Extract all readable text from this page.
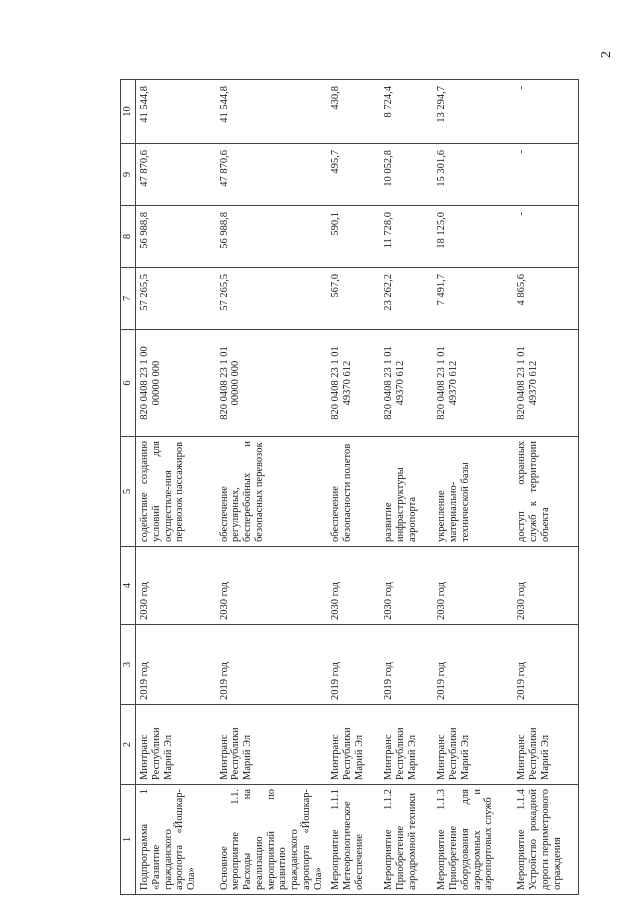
2
1	2	3	4	5	6	7	8	9	10
Подпрограмма 1 «Развитие гражданского аэропорта «Йошкар-Ола»	Минтранс Республики Марий Эл	2019 год	2030 год	содействие созданию условий для осуществле-ния перевозок пассажиров	820 0408 23 1 00 00000 000	57 265,5	56 988,8	47 870,6	41 544,8
Основное мероприятие 1.1. Расходы на реализацию мероприятий по развитию гражданского аэропорта «Йошкар-Ола»	Минтранс Республики Марий Эл	2019 год	2030 год	обеспечение регулярных, бесперебойных и безопасных перевозок	820 0408 23 1 01 00000 000	57 265,5	56 988,8	47 870,6	41 544,8
Мероприятие 1.1.1 Метеорологическое обеспечение	Минтранс Республики Марий Эл	2019 год	2030 год	обеспечение безопасности полетов	820 0408 23 1 01 49370 612	567,0	590,1	495,7	430,8
Мероприятие 1.1.2 Приобретение аэродромной техники	Минтранс Республики Марий Эл	2019 год	2030 год	развитие инфраструктуры аэропорта	820 0408 23 1 01 49370 612	23 262,2	11 728,0	10 052,8	8 724,4
Мероприятие 1.1.3 Приобретение оборудования для аэродромных и аэропортовых служб	Минтранс Республики Марий Эл	2019 год	2030 год	укрепление материально-технической базы	820 0408 23 1 01 49370 612	7 491,7	18 125,0	15 301,6	13 294,7
Мероприятие 1.1.4 Устройство рокадной дороги периметрового ограждения	Минтранс Республики Марий Эл	2019 год	2030 год	доступ охранных служб к территории объекта	820 0408 23 1 01 49370 612	4 865,6	-	-	-
